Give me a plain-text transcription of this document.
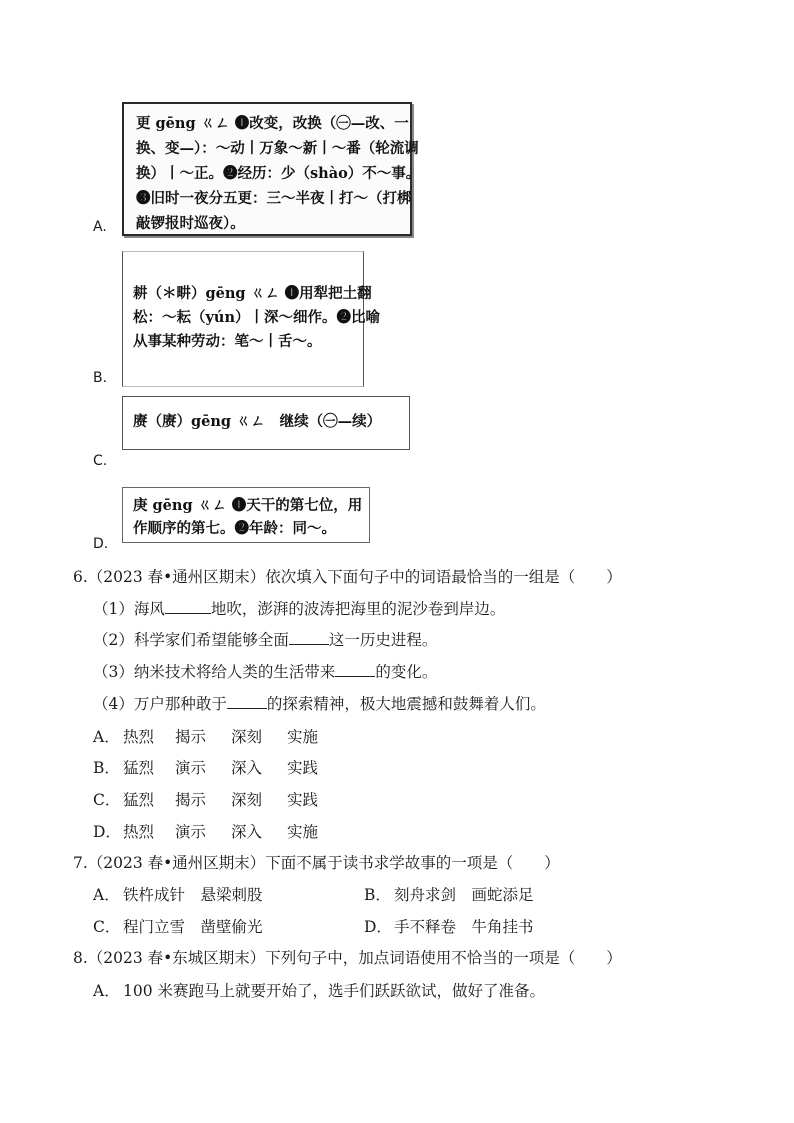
更 gēng ㄍㄥ ❶改变，改换（㊀—改、一
换、变—）：～动丨万象～新丨～番（轮流调
换）丨～正。❷经历：少（shào）不～事。
❸旧时一夜分五更：三～半夜丨打～（打梆
敲锣报时巡夜）。
A.
耕（＊畊）gēng ㄍㄥ ❶用犁把土翻
松：～耘（yún）丨深～细作。❷比喻
从事某种劳动：笔～丨舌～。
B.
赓（赓）gēng ㄍㄥ　继续（㊀—续）
C.
庚 gēng ㄍㄥ ❶天干的第七位，用
作顺序的第七。❷年龄：同～。
D.
6.（2023 春•通州区期末）依次填入下面句子中的词语最恰当的一组是（　　）
（1）海风	地吹，澎湃的波涛把海里的泥沙卷到岸边。
（2）科学家们希望能够全面	这一历史进程。
（3）纳米技术将给人类的生活带来	的变化。
（4）万户那种敢于	的探索精神，极大地震撼和鼓舞着人们。
A． 热烈 揭示 深刻 实施
B． 猛烈 演示 深入 实践
C． 猛烈 揭示 深刻 实践
D． 热烈 演示 深入 实施
7.（2023 春•通州区期末）下面不属于读书求学故事的一项是（　　）
A． 铁杵成针　悬梁刺股	B． 刻舟求剑　画蛇添足
C． 程门立雪　凿壁偷光	D． 手不释卷　牛角挂书
8.（2023 春•东城区期末）下列句子中，加点词语使用不恰当的一项是（　　）
A． 100 米赛跑马上就要开始了，选手们跃跃欲试，做好了准备。
